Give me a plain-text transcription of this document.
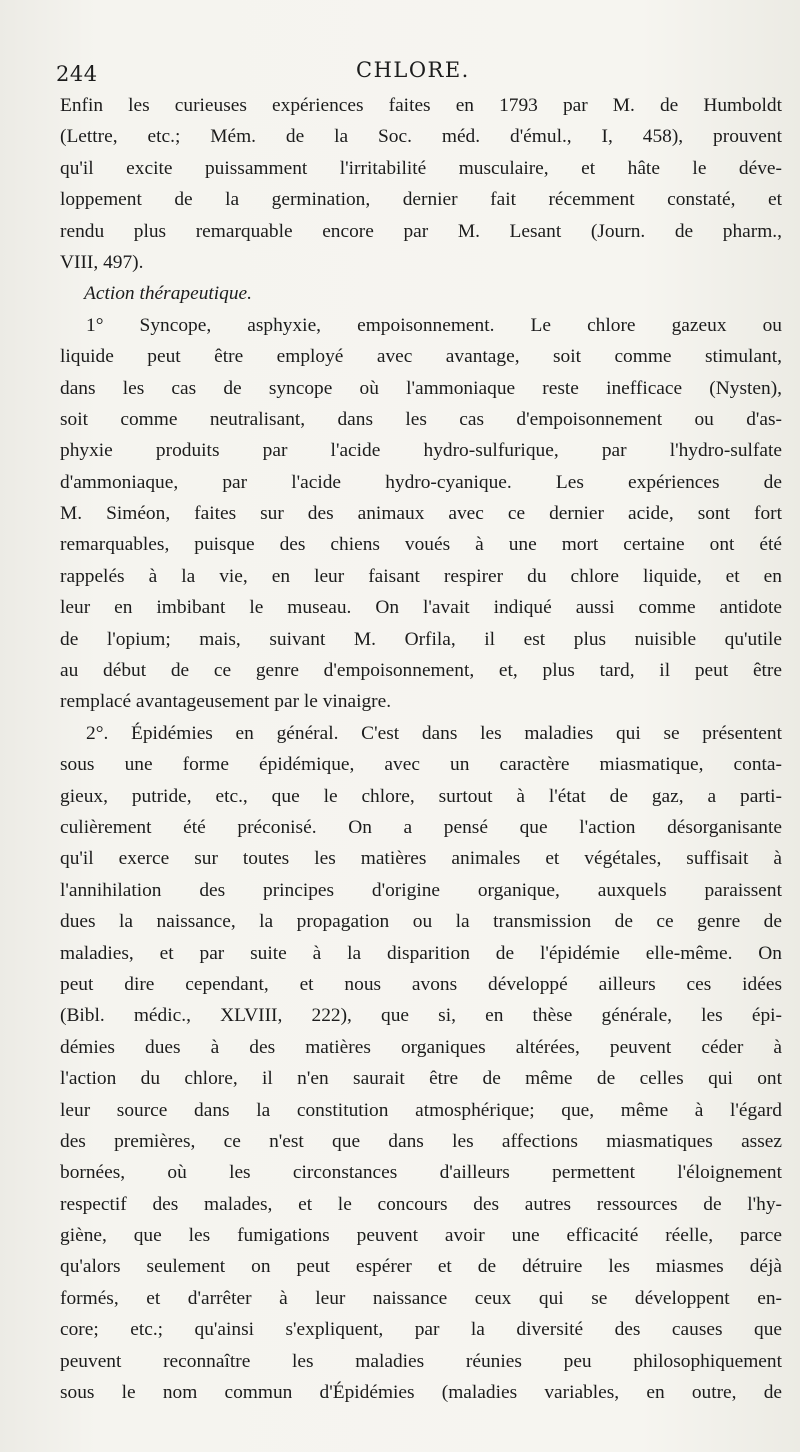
244	CHLORE.
Enfin les curieuses expériences faites en 1793 par M. de Humboldt
(Lettre, etc.; Mém. de la Soc. méd. d'émul., I, 458), prouvent
qu'il excite puissamment l'irritabilité musculaire, et hâte le déve-
loppement de la germination, dernier fait récemment constaté, et
rendu plus remarquable encore par M. Lesant (Journ. de pharm.,
VIII, 497).
Action thérapeutique.
1° Syncope, asphyxie, empoisonnement. Le chlore gazeux ou
liquide peut être employé avec avantage, soit comme stimulant,
dans les cas de syncope où l'ammoniaque reste inefficace (Nysten),
soit comme neutralisant, dans les cas d'empoisonnement ou d'as-
phyxie produits par l'acide hydro-sulfurique, par l'hydro-sulfate
d'ammoniaque, par l'acide hydro-cyanique. Les expériences de
M. Siméon, faites sur des animaux avec ce dernier acide, sont fort
remarquables, puisque des chiens voués à une mort certaine ont été
rappelés à la vie, en leur faisant respirer du chlore liquide, et en
leur en imbibant le museau. On l'avait indiqué aussi comme antidote
de l'opium; mais, suivant M. Orfila, il est plus nuisible qu'utile
au début de ce genre d'empoisonnement, et, plus tard, il peut être
remplacé avantageusement par le vinaigre.
2°. Épidémies en général. C'est dans les maladies qui se présentent
sous une forme épidémique, avec un caractère miasmatique, conta-
gieux, putride, etc., que le chlore, surtout à l'état de gaz, a parti-
culièrement été préconisé. On a pensé que l'action désorganisante
qu'il exerce sur toutes les matières animales et végétales, suffisait à
l'annihilation des principes d'origine organique, auxquels paraissent
dues la naissance, la propagation ou la transmission de ce genre de
maladies, et par suite à la disparition de l'épidémie elle-même. On
peut dire cependant, et nous avons développé ailleurs ces idées
(Bibl. médic., XLVIII, 222), que si, en thèse générale, les épi-
démies dues à des matières organiques altérées, peuvent céder à
l'action du chlore, il n'en saurait être de même de celles qui ont
leur source dans la constitution atmosphérique; que, même à l'égard
des premières, ce n'est que dans les affections miasmatiques assez
bornées, où les circonstances d'ailleurs permettent l'éloignement
respectif des malades, et le concours des autres ressources de l'hy-
giène, que les fumigations peuvent avoir une efficacité réelle, parce
qu'alors seulement on peut espérer et de détruire les miasmes déjà
formés, et d'arrêter à leur naissance ceux qui se développent en-
core; etc.; qu'ainsi s'expliquent, par la diversité des causes que
peuvent reconnaître les maladies réunies peu philosophiquement
sous le nom commun d'Épidémies (maladies variables, en outre, de
